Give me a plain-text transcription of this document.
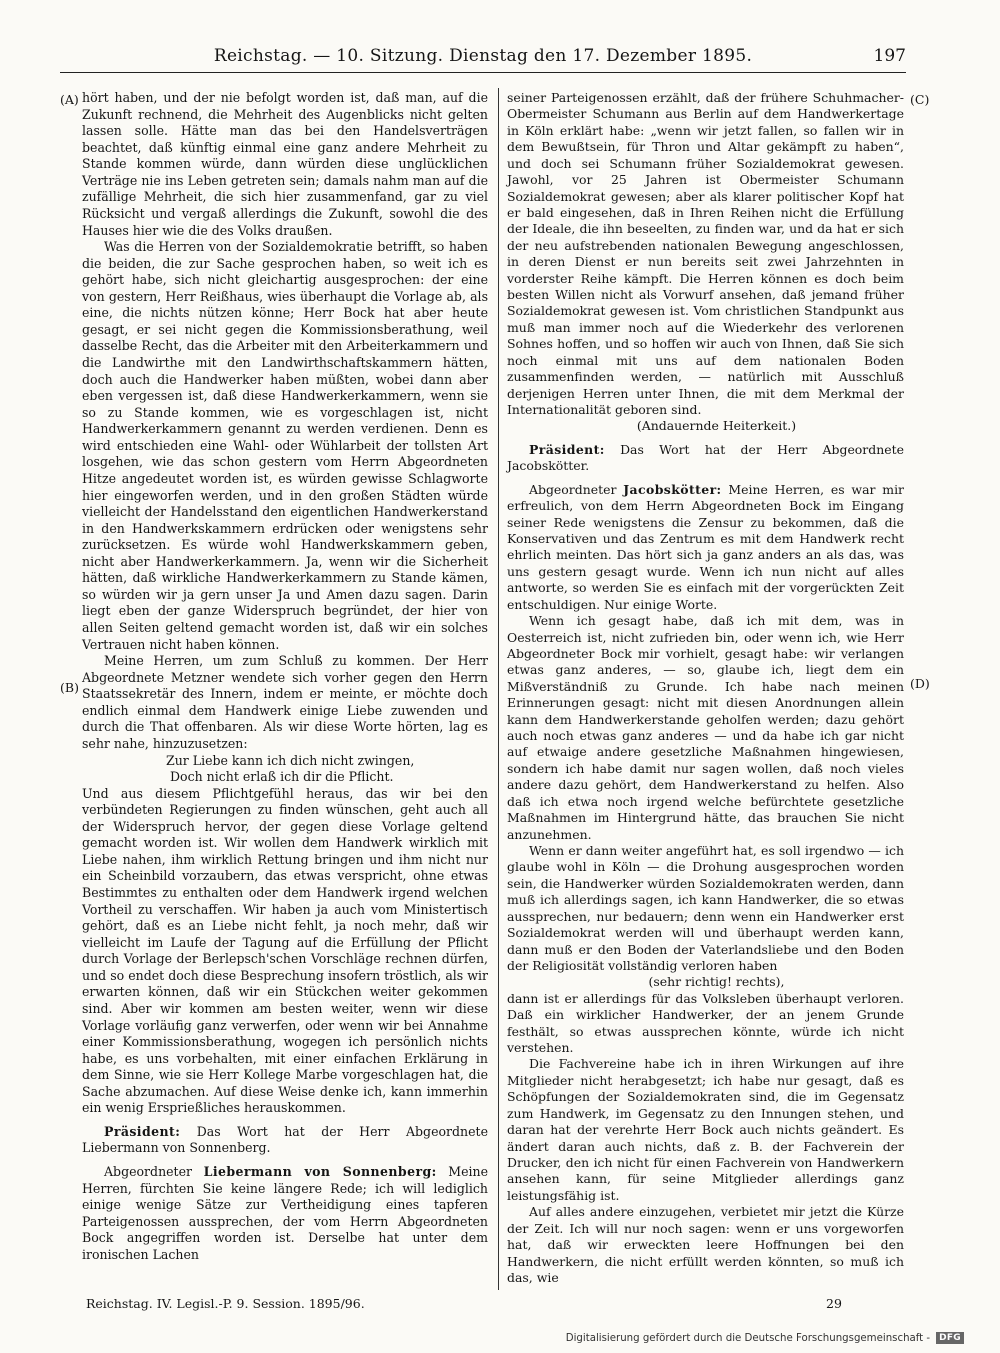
Reichstag. — 10. Sitzung. Dienstag den 17. Dezember 1895.	197
(A)
(B)
(C)
(D)

hört haben, und der nie befolgt worden ist, daß man, auf die Zukunft rechnend, die Mehrheit des Augenblicks nicht gelten lassen solle. Hätte man das bei den Handelsverträgen beachtet, daß künftig einmal eine ganz andere Mehrheit zu Stande kommen würde, dann würden diese unglücklichen Verträge nie ins Leben getreten sein; damals nahm man auf die zufällige Mehrheit, die sich hier zusammenfand, gar zu viel Rücksicht und vergaß allerdings die Zukunft, sowohl die des Hauses hier wie die des Volks draußen.

Was die Herren von der Sozialdemokratie betrifft, so haben die beiden, die zur Sache gesprochen haben, so weit ich es gehört habe, sich nicht gleichartig ausgesprochen: der eine von gestern, Herr Reißhaus, wies überhaupt die Vorlage ab, als eine, die nichts nützen könne; Herr Bock hat aber heute gesagt, er sei nicht gegen die Kommissionsberathung, weil dasselbe Recht, das die Arbeiter mit den Arbeiterkammern und die Landwirthe mit den Landwirthschaftskammern hätten, doch auch die Handwerker haben müßten, wobei dann aber eben vergessen ist, daß diese Handwerkerkammern, wenn sie so zu Stande kommen, wie es vorgeschlagen ist, nicht Handwerkerkammern genannt zu werden verdienen. Denn es wird entschieden eine Wahl- oder Wühlarbeit der tollsten Art losgehen, wie das schon gestern vom Herrn Abgeordneten Hitze angedeutet worden ist, es würden gewisse Schlagworte hier eingeworfen werden, und in den großen Städten würde vielleicht der Handelsstand den eigentlichen Handwerkerstand in den Handwerkskammern erdrücken oder wenigstens sehr zurücksetzen. Es würde wohl Handwerkskammern geben, nicht aber Handwerkerkammern. Ja, wenn wir die Sicherheit hätten, daß wirkliche Handwerkerkammern zu Stande kämen, so würden wir ja gern unser Ja und Amen dazu sagen. Darin liegt eben der ganze Widerspruch begründet, der hier von allen Seiten geltend gemacht worden ist, daß wir ein solches Vertrauen nicht haben können.

Meine Herren, um zum Schluß zu kommen. Der Herr Abgeordnete Metzner wendete sich vorher gegen den Herrn Staatssekretär des Innern, indem er meinte, er möchte doch endlich einmal dem Handwerk einige Liebe zuwenden und durch die That offenbaren. Als wir diese Worte hörten, lag es sehr nahe, hinzuzusetzen:

Zur Liebe kann ich dich nicht zwingen,

Doch nicht erlaß ich dir die Pflicht.

Und aus diesem Pflichtgefühl heraus, das wir bei den verbündeten Regierungen zu finden wünschen, geht auch all der Widerspruch hervor, der gegen diese Vorlage geltend gemacht worden ist. Wir wollen dem Handwerk wirklich mit Liebe nahen, ihm wirklich Rettung bringen und ihm nicht nur ein Scheinbild vorzaubern, das etwas verspricht, ohne etwas Bestimmtes zu enthalten oder dem Handwerk irgend welchen Vortheil zu verschaffen. Wir haben ja auch vom Ministertisch gehört, daß es an Liebe nicht fehlt, ja noch mehr, daß wir vielleicht im Laufe der Tagung auf die Erfüllung der Pflicht durch Vorlage der Berlepsch'schen Vorschläge rechnen dürfen, und so endet doch diese Besprechung insofern tröstlich, als wir erwarten können, daß wir ein Stückchen weiter gekommen sind. Aber wir kommen am besten weiter, wenn wir diese Vorlage vorläufig ganz verwerfen, oder wenn wir bei Annahme einer Kommissionsberathung, wogegen ich persönlich nichts habe, es uns vorbehalten, mit einer einfachen Erklärung in dem Sinne, wie sie Herr Kollege Marbe vorgeschlagen hat, die Sache abzumachen. Auf diese Weise denke ich, kann immerhin ein wenig Ersprießliches herauskommen.

Präsident: Das Wort hat der Herr Abgeordnete Liebermann von Sonnenberg.

Abgeordneter Liebermann von Sonnenberg: Meine Herren, fürchten Sie keine längere Rede; ich will lediglich einige wenige Sätze zur Vertheidigung eines tapferen Parteigenossen aussprechen, der vom Herrn Abgeordneten Bock angegriffen worden ist. Derselbe hat unter dem ironischen Lachen

seiner Parteigenossen erzählt, daß der frühere Schuhmacher-Obermeister Schumann aus Berlin auf dem Handwerkertage in Köln erklärt habe: „wenn wir jetzt fallen, so fallen wir in dem Bewußtsein, für Thron und Altar gekämpft zu haben“, und doch sei Schumann früher Sozialdemokrat gewesen. Jawohl, vor 25 Jahren ist Obermeister Schumann Sozialdemokrat gewesen; aber als klarer politischer Kopf hat er bald eingesehen, daß in Ihren Reihen nicht die Erfüllung der Ideale, die ihn beseelten, zu finden war, und da hat er sich der neu aufstrebenden nationalen Bewegung angeschlossen, in deren Dienst er nun bereits seit zwei Jahrzehnten in vorderster Reihe kämpft. Die Herren können es doch beim besten Willen nicht als Vorwurf ansehen, daß jemand früher Sozialdemokrat gewesen ist. Vom christlichen Standpunkt aus muß man immer noch auf die Wiederkehr des verlorenen Sohnes hoffen, und so hoffen wir auch von Ihnen, daß Sie sich noch einmal mit uns auf dem nationalen Boden zusammenfinden werden, — natürlich mit Ausschluß derjenigen Herren unter Ihnen, die mit dem Merkmal der Internationalität geboren sind.

(Andauernde Heiterkeit.)

Präsident: Das Wort hat der Herr Abgeordnete Jacobskötter.

Abgeordneter Jacobskötter: Meine Herren, es war mir erfreulich, von dem Herrn Abgeordneten Bock im Eingang seiner Rede wenigstens die Zensur zu bekommen, daß die Konservativen und das Zentrum es mit dem Handwerk recht ehrlich meinten. Das hört sich ja ganz anders an als das, was uns gestern gesagt wurde. Wenn ich nun nicht auf alles antworte, so werden Sie es einfach mit der vorgerückten Zeit entschuldigen. Nur einige Worte.

Wenn ich gesagt habe, daß ich mit dem, was in Oesterreich ist, nicht zufrieden bin, oder wenn ich, wie Herr Abgeordneter Bock mir vorhielt, gesagt habe: wir verlangen etwas ganz anderes, — so, glaube ich, liegt dem ein Mißverständniß zu Grunde. Ich habe nach meinen Erinnerungen gesagt: nicht mit diesen Anordnungen allein kann dem Handwerkerstande geholfen werden; dazu gehört auch noch etwas ganz anderes — und da habe ich gar nicht auf etwaige andere gesetzliche Maßnahmen hingewiesen, sondern ich habe damit nur sagen wollen, daß noch vieles andere dazu gehört, dem Handwerkerstand zu helfen. Also daß ich etwa noch irgend welche befürchtete gesetzliche Maßnahmen im Hintergrund hätte, das brauchen Sie nicht anzunehmen.

Wenn er dann weiter angeführt hat, es soll irgendwo — ich glaube wohl in Köln — die Drohung ausgesprochen worden sein, die Handwerker würden Sozialdemokraten werden, dann muß ich allerdings sagen, ich kann Handwerker, die so etwas aussprechen, nur bedauern; denn wenn ein Handwerker erst Sozialdemokrat werden will und überhaupt werden kann, dann muß er den Boden der Vaterlandsliebe und den Boden der Religiosität vollständig verloren haben

(sehr richtig! rechts),

dann ist er allerdings für das Volksleben überhaupt verloren. Daß ein wirklicher Handwerker, der an jenem Grunde festhält, so etwas aussprechen könnte, würde ich nicht verstehen.

Die Fachvereine habe ich in ihren Wirkungen auf ihre Mitglieder nicht herabgesetzt; ich habe nur gesagt, daß es Schöpfungen der Sozialdemokraten sind, die im Gegensatz zum Handwerk, im Gegensatz zu den Innungen stehen, und daran hat der verehrte Herr Bock auch nichts geändert. Es ändert daran auch nichts, daß z. B. der Fachverein der Drucker, den ich nicht für einen Fachverein von Handwerkern ansehen kann, für seine Mitglieder allerdings ganz leistungsfähig ist.

Auf alles andere einzugehen, verbietet mir jetzt die Kürze der Zeit. Ich will nur noch sagen: wenn er uns vorgeworfen hat, daß wir erweckten leere Hoffnungen bei den Handwerkern, die nicht erfüllt werden könnten, so muß ich das, wie

Reichstag. IV. Legisl.-P. 9. Session. 1895/96.	29
Digitalisierung gefördert durch die Deutsche Forschungsgemeinschaft -	DFG
